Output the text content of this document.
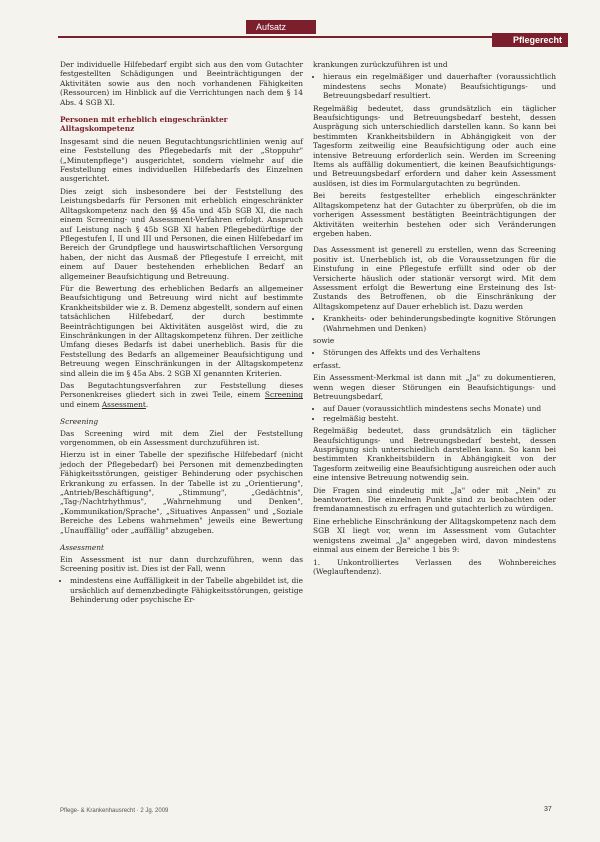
Aufsatz
Pflegerecht

Der individuelle Hilfebedarf ergibt sich aus den vom Gutachter festgestellten Schädigungen und Beeinträchtigungen der Aktivitäten sowie aus den noch vorhandenen Fähigkeiten (Ressourcen) im Hinblick auf die Verrichtungen nach dem § 14 Abs. 4 SGB XI.

Personen mit erheblich eingeschränkter Alltagskompetenz

Insgesamt sind die neuen Begutachtungsrichtlinien wenig auf eine Feststellung des Pflegebedarfs mit der „Stoppuhr" („Minutenpflege") ausgerichtet, sondern vielmehr auf die Feststellung eines individuellen Hilfebedarfs des Einzelnen ausgerichtet.

Dies zeigt sich insbesondere bei der Feststellung des Leistungsbedarfs für Personen mit erheblich eingeschränkter Alltagskompetenz nach den §§ 45a und 45b SGB XI, die nach einem Screening- und Assessment-Verfahren erfolgt. Anspruch auf Leistung nach § 45b SGB XI haben Pflegebedürftige der Pflegestufen I, II und III und Personen, die einen Hilfebedarf im Bereich der Grundpflege und hauswirtschaftlichen Versorgung haben, der nicht das Ausmaß der Pflegestufe I erreicht, mit einem auf Dauer bestehenden erheblichen Bedarf an allgemeiner Beaufsichtigung und Betreuung.

Für die Bewertung des erheblichen Bedarfs an allgemeiner Beaufsichtigung und Betreuung wird nicht auf bestimmte Krankheitsbilder wie z. B. Demenz abgestellt, sondern auf einen tatsächlichen Hilfebedarf, der durch bestimmte Beeinträchtigungen bei Aktivitäten ausgelöst wird, die zu Einschränkungen in der Alltagskompetenz führen. Der zeitliche Umfang dieses Bedarfs ist dabei unerheblich. Basis für die Feststellung des Bedarfs an allgemeiner Beaufsichtigung und Betreuung wegen Einschränkungen in der Alltagskompetenz sind allein die im § 45a Abs. 2 SGB XI genannten Kriterien.

Das Begutachtungsverfahren zur Feststellung dieses Personenkreises gliedert sich in zwei Teile, einem Screening und einem Assessment.

Screening

Das Screening wird mit dem Ziel der Feststellung vorgenommen, ob ein Assessment durchzuführen ist.

Hierzu ist in einer Tabelle der spezifische Hilfebedarf (nicht jedoch der Pflegebedarf) bei Personen mit demenzbedingten Fähigkeitsstörungen, geistiger Behinderung oder psychischen Erkrankung zu erfassen. In der Tabelle ist zu „Orientierung", „Antrieb/Beschäftigung", „Stimmung", „Gedächtnis", „Tag-/Nachtrhythmus", „Wahrnehmung und Denken", „Kommunikation/Sprache", „Situatives Anpassen" und „Soziale Bereiche des Lebens wahrnehmen" jeweils eine Bewertung „Unauffällig" oder „auffällig" abzugeben.

Assessment

Ein Assessment ist nur dann durchzuführen, wenn das Screening positiv ist. Dies ist der Fall, wenn

• mindestens eine Auffälligkeit in der Tabelle abgebildet ist, die ursächlich auf demenzbedingte Fähigkeitsstörungen, geistige Behinderung oder psychische Er-

krankungen zurückzuführen ist und

• hieraus ein regelmäßiger und dauerhafter (voraussichtlich mindestens sechs Monate) Beaufsichtigungs- und Betreuungsbedarf resultiert.

Regelmäßig bedeutet, dass grundsätzlich ein täglicher Beaufsichtigungs- und Betreuungsbedarf besteht, dessen Ausprägung sich unterschiedlich darstellen kann. So kann bei bestimmten Krankheitsbildern in Abhängigkeit von der Tagesform zeitweilig eine Beaufsichtigung oder auch eine intensive Betreuung erforderlich sein. Werden im Screening Items als auffällig dokumentiert, die keinen Beaufsichtigungs- und Betreuungsbedarf erfordern und daher kein Assessment auslösen, ist dies im Formulargutachten zu begründen.

Bei bereits festgestellter erheblich eingeschränkter Alltagskompetenz hat der Gutachter zu überprüfen, ob die im vorherigen Assessment bestätigten Beeinträchtigungen der Aktivitäten weiterhin bestehen oder sich Veränderungen ergeben haben.

Das Assessment ist generell zu erstellen, wenn das Screening positiv ist. Unerheblich ist, ob die Voraussetzungen für die Einstufung in eine Pflegestufe erfüllt sind oder ob der Versicherte häuslich oder stationär versorgt wird. Mit dem Assessment erfolgt die Bewertung eine Ersteinung des Ist-Zustands des Betroffenen, ob die Einschränkung der Alltagskompetenz auf Dauer erheblich ist. Dazu werden

• Krankheits- oder behinderungsbedingte kognitive Störungen (Wahrnehmen und Denken)

sowie

• Störungen des Affekts und des Verhaltens

erfasst.

Ein Assessment-Merkmal ist dann mit „Ja" zu dokumentieren, wenn wegen dieser Störungen ein Beaufsichtigungs- und Betreuungsbedarf,

• auf Dauer (voraussichtlich mindestens sechs Monate) und
• regelmäßig besteht.

Regelmäßig bedeutet, dass grundsätzlich ein täglicher Beaufsichtigungs- und Betreuungsbedarf besteht, dessen Ausprägung sich unterschiedlich darstellen kann. So kann bei bestimmten Krankheitsbildern in Abhängigkeit von der Tagesform zeitweilig eine Beaufsichtigung ausreichen oder auch eine intensive Betreuung notwendig sein.

Die Fragen sind eindeutig mit „Ja" oder mit „Nein" zu beantworten. Die einzelnen Punkte sind zu beobachten oder fremdanamnestisch zu erfragen und gutachterlich zu würdigen.

Eine erhebliche Einschränkung der Alltagskompetenz nach dem SGB XI liegt vor, wenn im Assessment vom Gutachter wenigstens zweimal „Ja" angegeben wird, davon mindestens einmal aus einem der Bereiche 1 bis 9:

1. Unkontrolliertes Verlassen des Wohnbereiches (Weglauftendenz).

Pflege- & Krankenhausrecht · 2 Jg. 2009	37
